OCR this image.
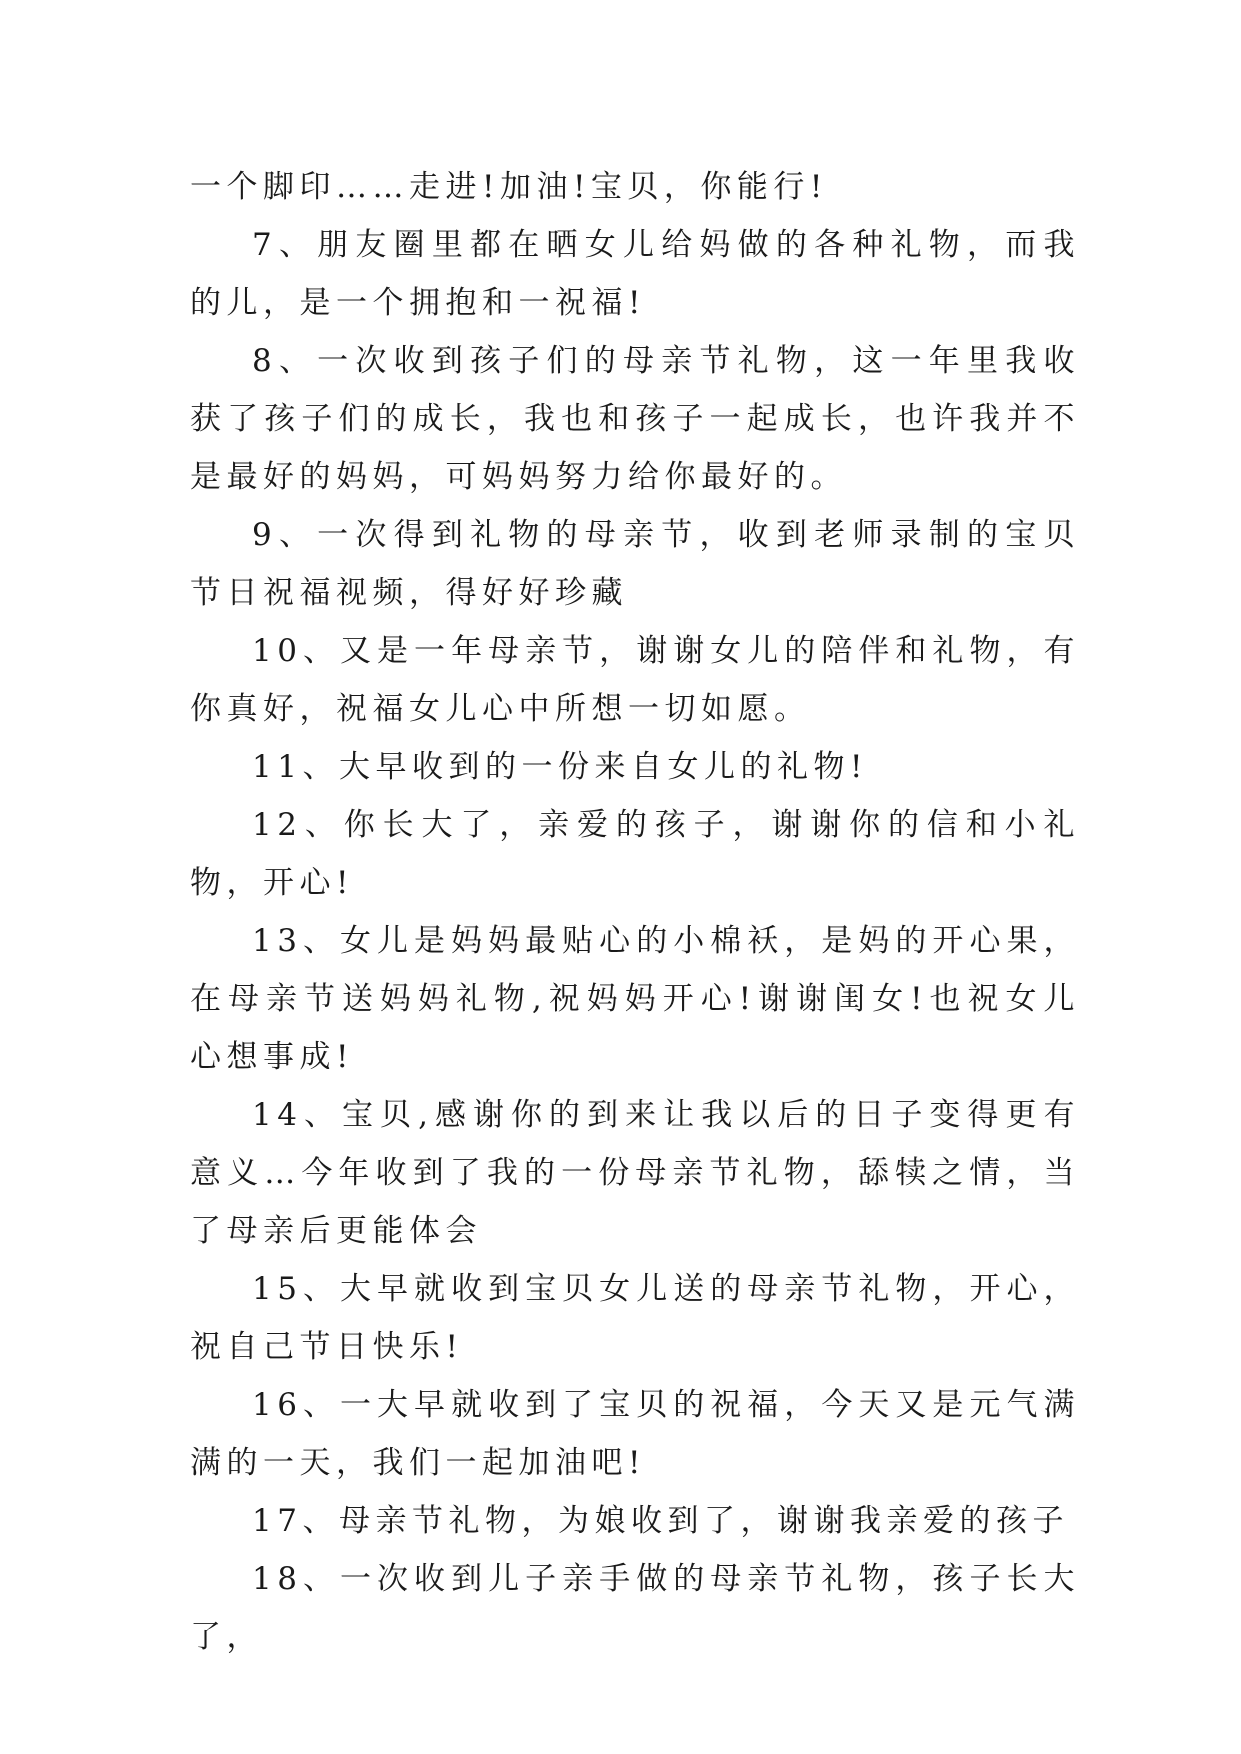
一个脚印……走进!加油!宝贝，你能行!

7、朋友圈里都在晒女儿给妈做的各种礼物，而我的儿，是一个拥抱和一祝福!

8、一次收到孩子们的母亲节礼物，这一年里我收获了孩子们的成长，我也和孩子一起成长，也许我并不是最好的妈妈，可妈妈努力给你最好的。

9、一次得到礼物的母亲节，收到老师录制的宝贝节日祝福视频，得好好珍藏

10、又是一年母亲节，谢谢女儿的陪伴和礼物，有你真好，祝福女儿心中所想一切如愿。

11、大早收到的一份来自女儿的礼物!

12、你长大了，亲爱的孩子，谢谢你的信和小礼物，开心!

13、女儿是妈妈最贴心的小棉袄，是妈的开心果，在母亲节送妈妈礼物,祝妈妈开心!谢谢闺女!也祝女儿心想事成!

14、宝贝,感谢你的到来让我以后的日子变得更有意义…今年收到了我的一份母亲节礼物，舔犊之情，当了母亲后更能体会

15、大早就收到宝贝女儿送的母亲节礼物，开心，祝自己节日快乐!

16、一大早就收到了宝贝的祝福，今天又是元气满满的一天，我们一起加油吧!

17、母亲节礼物，为娘收到了，谢谢我亲爱的孩子

18、一次收到儿子亲手做的母亲节礼物，孩子长大了，
